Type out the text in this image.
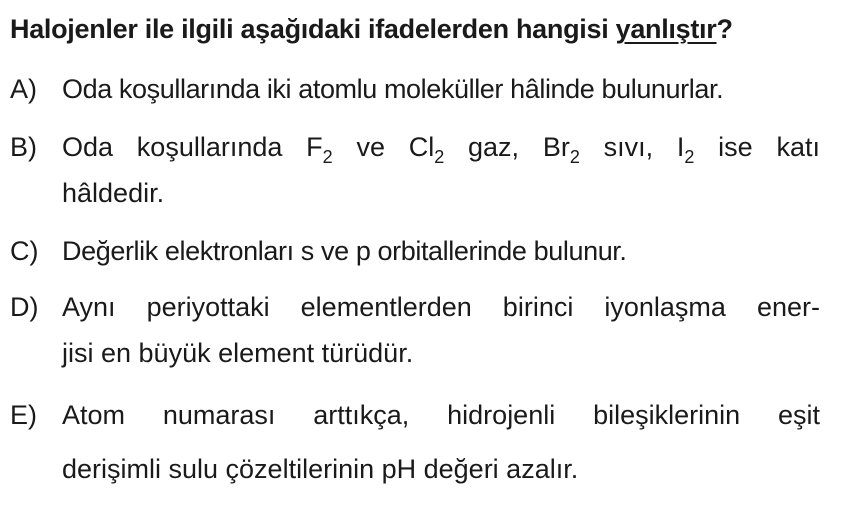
Halojenler ile ilgili aşağıdaki ifadelerden hangisi yanlıştır?
A) Oda koşullarında iki atomlu moleküller hâlinde bulunurlar.
B) Oda koşullarında $F_2$ ve $Cl_2$ gaz, $Br_2$ sıvı, $I_2$ ise katı
hâldedir.
C) Değerlik elektronları s ve p orbitallerinde bulunur.
D) Aynı periyottaki elementlerden birinci iyonlaşma ener-
jisi en büyük element türüdür.
E) Atom numarası arttıkça, hidrojenli bileşiklerinin eşit
derişimli sulu çözeltilerinin pH değeri azalır.
